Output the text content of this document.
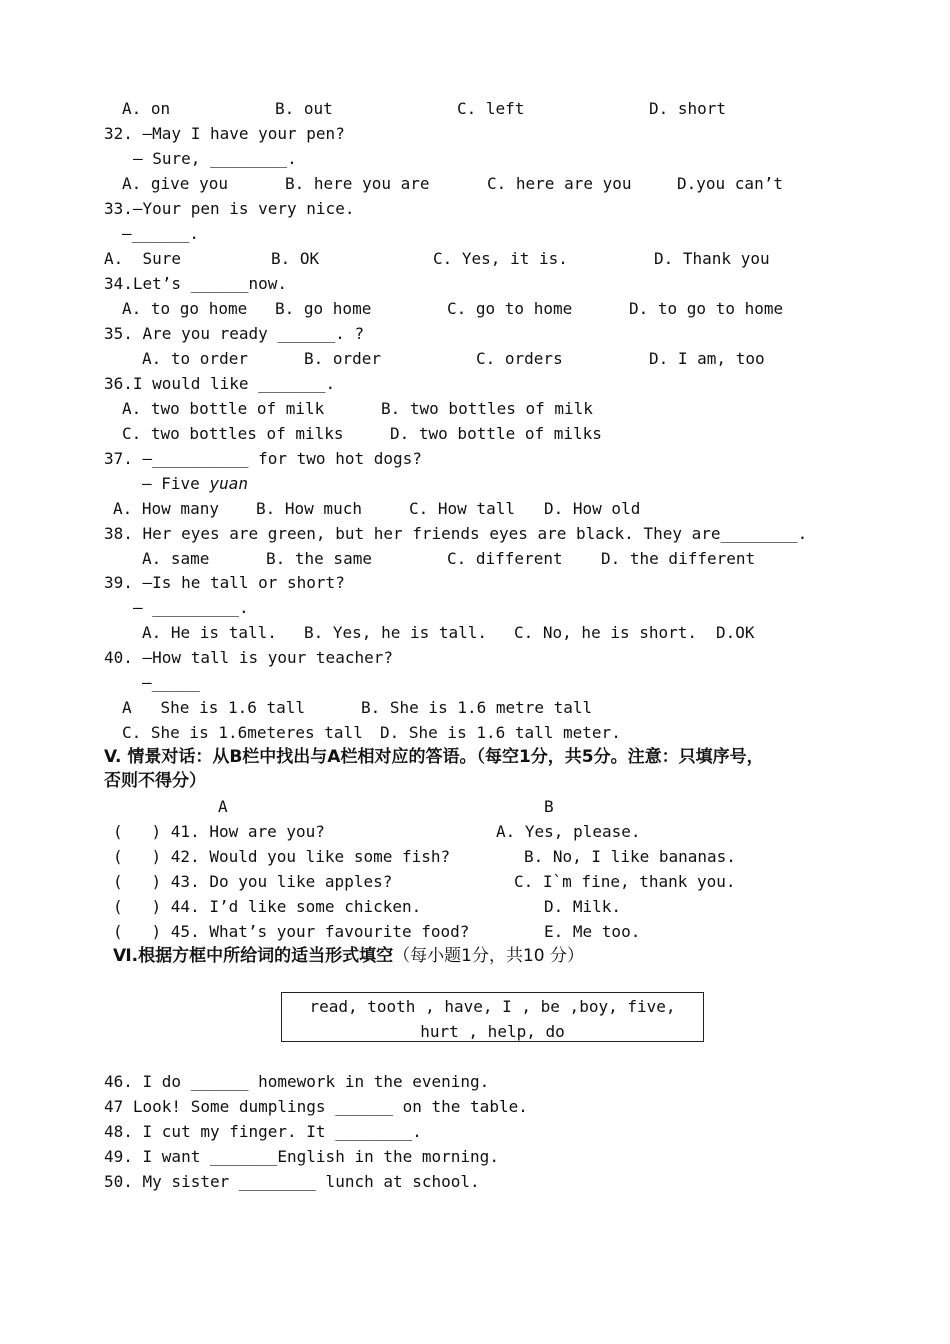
A. on	B. out	C. left	D. short
32. —May I have your pen?
— Sure, ________.
A. give you	B. here you are	C. here are you	D.you can’t
33.—Your pen is very nice.
—______.
A.  Sure	B. OK	C. Yes, it is.	D. Thank you
34.Let’s ______now.
A. to go home B. go home	C. go to home	D. to go to home
35. Are you ready ______. ?
A. to order	B. order	C. orders	D. I am, too
36.I would like _______.
A. two bottle of milk	B. two bottles of milk
C. two bottles of milks	D. two bottle of milks
37. —__________ for two hot dogs?
— Five yuan
A. How many B. How much	C. How tall D. How old
38. Her eyes are green, but her friends eyes are black. They are________.
A. same	B. the same	C. different D. the different
39. —Is he tall or short?
— _________.
A. He is tall. B. Yes, he is tall. C. No, he is short. D.OK
40. —How tall is your teacher?
—_____
A   She is 1.6 tall	B. She is 1.6 metre tall
C. She is 1.6meteres tall D. She is 1.6 tall meter.
V. 情景对话：从B栏中找出与A栏相对应的答语。（每空1分，共5分。注意：只填序号，
否则不得分）
A	B
(   ) 41. How are you?	A. Yes, please.
(   ) 42. Would you like some fish?	B. No, I like bananas.
(   ) 43. Do you like apples?	C. I`m fine, thank you.
(   ) 44. I’d like some chicken.	D. Milk.
(   ) 45. What’s your favourite food?	E. Me too.
Ⅵ.根据方框中所给词的适当形式填空（每小题1分，共10 分）
read, tooth , have, I , be ,boy, five,
hurt , help, do
46. I do ______ homework in the evening.
47 Look! Some dumplings ______ on the table.
48. I cut my finger. It ________.
49. I want _______English in the morning.
50. My sister ________ lunch at school.
